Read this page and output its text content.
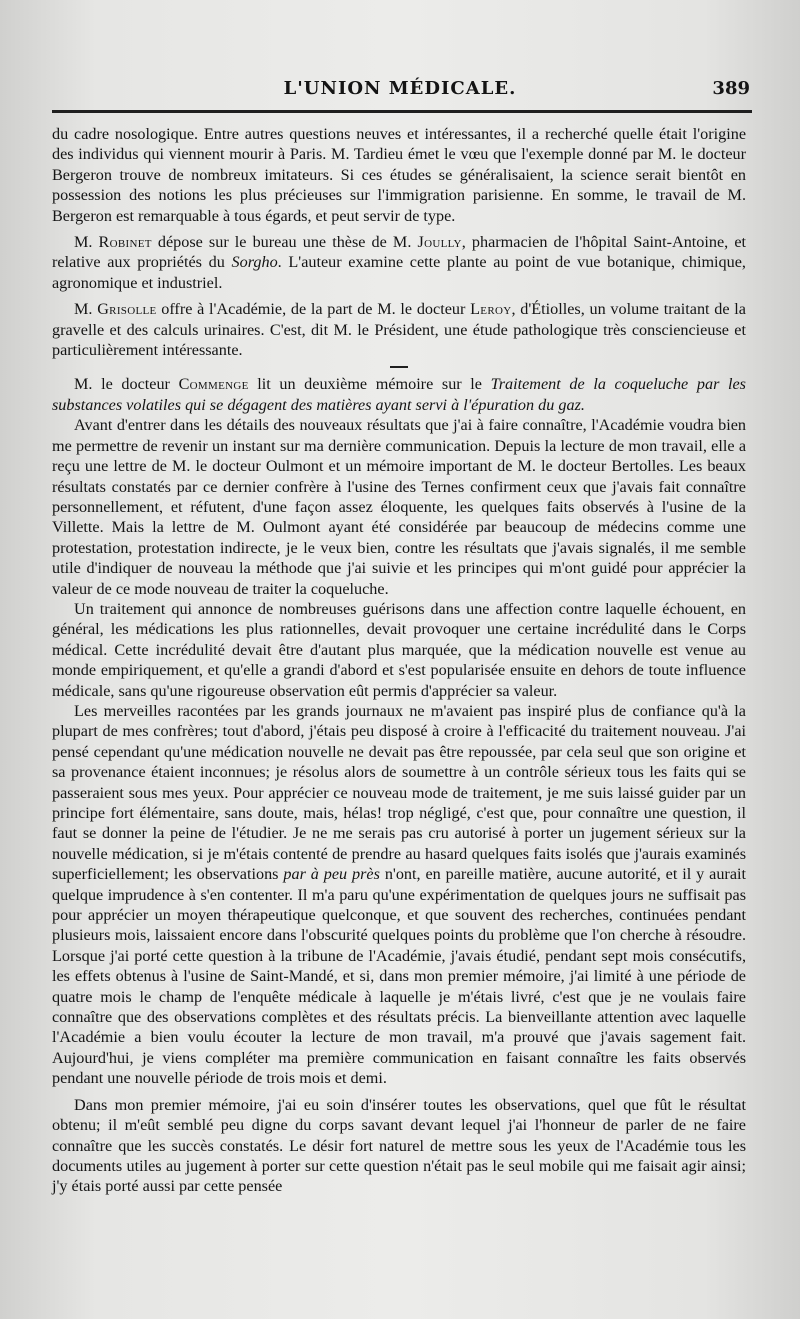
L'UNION MÉDICALE.	389

du cadre nosologique. Entre autres questions neuves et intéressantes, il a recherché quelle était l'origine des individus qui viennent mourir à Paris. M. Tardieu émet le vœu que l'exemple donné par M. le docteur Bergeron trouve de nombreux imitateurs. Si ces études se généralisaient, la science serait bientôt en possession des notions les plus précieuses sur l'immigration parisienne. En somme, le travail de M. Bergeron est remarquable à tous égards, et peut servir de type.

M. Robinet dépose sur le bureau une thèse de M. Joully, pharmacien de l'hôpital Saint-Antoine, et relative aux propriétés du Sorgho. L'auteur examine cette plante au point de vue botanique, chimique, agronomique et industriel.

M. Grisolle offre à l'Académie, de la part de M. le docteur Leroy, d'Étiolles, un volume traitant de la gravelle et des calculs urinaires. C'est, dit M. le Président, une étude pathologique très consciencieuse et particulièrement intéressante.

M. le docteur Commenge lit un deuxième mémoire sur le Traitement de la coqueluche par les substances volatiles qui se dégagent des matières ayant servi à l'épuration du gaz.

Avant d'entrer dans les détails des nouveaux résultats que j'ai à faire connaître, l'Académie voudra bien me permettre de revenir un instant sur ma dernière communication. Depuis la lecture de mon travail, elle a reçu une lettre de M. le docteur Oulmont et un mémoire important de M. le docteur Bertolles. Les beaux résultats constatés par ce dernier confrère à l'usine des Ternes confirment ceux que j'avais fait connaître personnellement, et réfutent, d'une façon assez éloquente, les quelques faits observés à l'usine de la Villette. Mais la lettre de M. Oulmont ayant été considérée par beaucoup de médecins comme une protestation, protestation indirecte, je le veux bien, contre les résultats que j'avais signalés, il me semble utile d'indiquer de nouveau la méthode que j'ai suivie et les principes qui m'ont guidé pour apprécier la valeur de ce mode nouveau de traiter la coqueluche.

Un traitement qui annonce de nombreuses guérisons dans une affection contre laquelle échouent, en général, les médications les plus rationnelles, devait provoquer une certaine incrédulité dans le Corps médical. Cette incrédulité devait être d'autant plus marquée, que la médication nouvelle est venue au monde empiriquement, et qu'elle a grandi d'abord et s'est popularisée ensuite en dehors de toute influence médicale, sans qu'une rigoureuse observation eût permis d'apprécier sa valeur.

Les merveilles racontées par les grands journaux ne m'avaient pas inspiré plus de confiance qu'à la plupart de mes confrères; tout d'abord, j'étais peu disposé à croire à l'efficacité du traitement nouveau. J'ai pensé cependant qu'une médication nouvelle ne devait pas être repoussée, par cela seul que son origine et sa provenance étaient inconnues; je résolus alors de soumettre à un contrôle sérieux tous les faits qui se passeraient sous mes yeux. Pour apprécier ce nouveau mode de traitement, je me suis laissé guider par un principe fort élémentaire, sans doute, mais, hélas! trop négligé, c'est que, pour connaître une question, il faut se donner la peine de l'étudier. Je ne me serais pas cru autorisé à porter un jugement sérieux sur la nouvelle médication, si je m'étais contenté de prendre au hasard quelques faits isolés que j'aurais examinés superficiellement; les observations par à peu près n'ont, en pareille matière, aucune autorité, et il y aurait quelque imprudence à s'en contenter. Il m'a paru qu'une expérimentation de quelques jours ne suffisait pas pour apprécier un moyen thérapeutique quelconque, et que souvent des recherches, continuées pendant plusieurs mois, laissaient encore dans l'obscurité quelques points du problème que l'on cherche à résoudre. Lorsque j'ai porté cette question à la tribune de l'Académie, j'avais étudié, pendant sept mois consécutifs, les effets obtenus à l'usine de Saint-Mandé, et si, dans mon premier mémoire, j'ai limité à une période de quatre mois le champ de l'enquête médicale à laquelle je m'étais livré, c'est que je ne voulais faire connaître que des observations complètes et des résultats précis. La bienveillante attention avec laquelle l'Académie a bien voulu écouter la lecture de mon travail, m'a prouvé que j'avais sagement fait. Aujourd'hui, je viens compléter ma première communication en faisant connaître les faits observés pendant une nouvelle période de trois mois et demi.

Dans mon premier mémoire, j'ai eu soin d'insérer toutes les observations, quel que fût le résultat obtenu; il m'eût semblé peu digne du corps savant devant lequel j'ai l'honneur de parler de ne faire connaître que les succès constatés. Le désir fort naturel de mettre sous les yeux de l'Académie tous les documents utiles au jugement à porter sur cette question n'était pas le seul mobile qui me faisait agir ainsi; j'y étais porté aussi par cette pensée
